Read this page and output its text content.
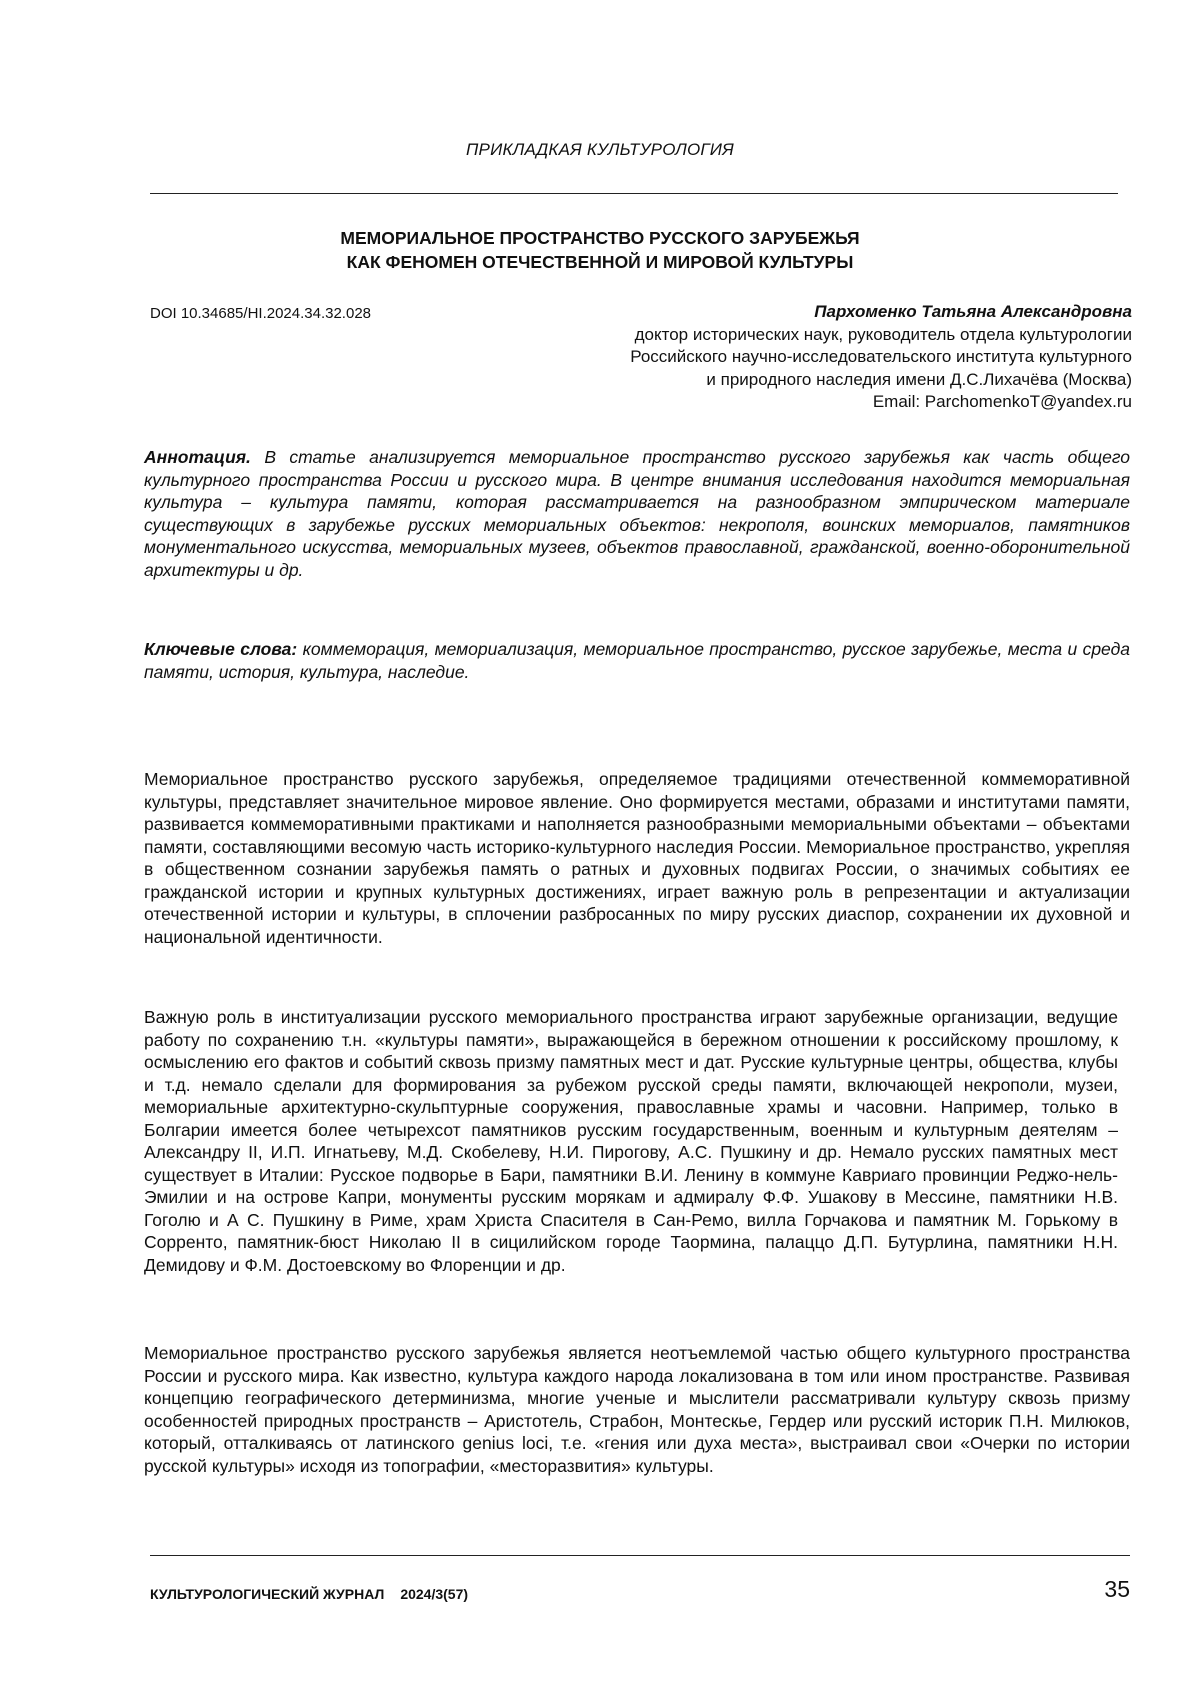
ПРИКЛАДКАЯ КУЛЬТУРОЛОГИЯ
МЕМОРИАЛЬНОЕ ПРОСТРАНСТВО РУССКОГО ЗАРУБЕЖЬЯ
КАК ФЕНОМЕН ОТЕЧЕСТВЕННОЙ И МИРОВОЙ КУЛЬТУРЫ
DOI 10.34685/HI.2024.34.32.028	Пархоменко Татьяна Александровна
доктор исторических наук, руководитель отдела культурологии
Российского научно-исследовательского института культурного
и природного наследия имени Д.С.Лихачёва (Москва)
Email: ParchomenkoT@yandex.ru
Аннотация. В статье анализируется мемориальное пространство русского зарубежья как часть общего культурного пространства России и русского мира. В центре внимания исследования находится мемориальная культура – культура памяти, которая рассматривается на разнообразном эмпирическом материале существующих в зарубежье русских мемориальных объектов: некрополя, воинских мемориалов, памятников монументального искусства, мемориальных музеев, объектов православной, гражданской, военно-оборонительной архитектуры и др.
Ключевые слова: коммеморация, мемориализация, мемориальное пространство, русское зарубежье, места и среда памяти, история, культура, наследие.
Мемориальное пространство русского зарубежья, определяемое традициями отечественной коммеморативной культуры, представляет значительное мировое явление. Оно формируется местами, образами и институтами памяти, развивается коммеморативными практиками и наполняется разнообразными мемориальными объектами – объектами памяти, составляющими весомую часть историко-культурного наследия России. Мемориальное пространство, укрепляя в общественном сознании зарубежья память о ратных и духовных подвигах России, о значимых событиях ее гражданской истории и крупных культурных достижениях, играет важную роль в репрезентации и актуализации отечественной истории и культуры, в сплочении разбросанных по миру русских диаспор, сохранении их духовной и национальной идентичности.
Важную роль в институализации русского мемориального пространства играют зарубежные организации, ведущие работу по сохранению т.н. «культуры памяти», выражающейся в бережном отношении к российскому прошлому, к осмыслению его фактов и событий сквозь призму памятных мест и дат. Русские культурные центры, общества, клубы и т.д. немало сделали для формирования за рубежом русской среды памяти, включающей некрополи, музеи, мемориальные архитектурно-скульптурные сооружения, православные храмы и часовни. Например, только в Болгарии имеется более четырехсот памятников русским государственным, военным и культурным деятелям – Александру II, И.П. Игнатьеву, М.Д. Скобелеву, Н.И. Пирогову, А.С. Пушкину и др. Немало русских памятных мест существует в Италии: Русское подворье в Бари, памятники В.И. Ленину в коммуне Кавриаго провинции Реджо-нель-Эмилии и на острове Капри, монументы русским морякам и адмиралу Ф.Ф. Ушакову в Мессине, памятники Н.В. Гоголю и А С. Пушкину в Риме, храм Христа Спасителя в Сан-Ремо, вилла Горчакова и памятник М. Горькому в Сорренто, памятник-бюст Николаю II в сицилийском городе Таормина, палаццо Д.П. Бутурлина, памятники Н.Н. Демидову и Ф.М. Достоевскому во Флоренции и др.
Мемориальное пространство русского зарубежья является неотъемлемой частью общего культурного пространства России и русского мира. Как известно, культура каждого народа локализована в том или ином пространстве. Развивая концепцию географического детерминизма, многие ученые и мыслители рассматривали культуру сквозь призму особенностей природных пространств – Аристотель, Страбон, Монтескье, Гердер или русский историк П.Н. Милюков, который, отталкиваясь от латинского genius loci, т.е. «гения или духа места», выстраивал свои «Очерки по истории русской культуры» исходя из топографии, «месторазвития» культуры.
КУЛЬТУРОЛОГИЧЕСКИЙ ЖУРНАЛ 2024/3(57)	35
